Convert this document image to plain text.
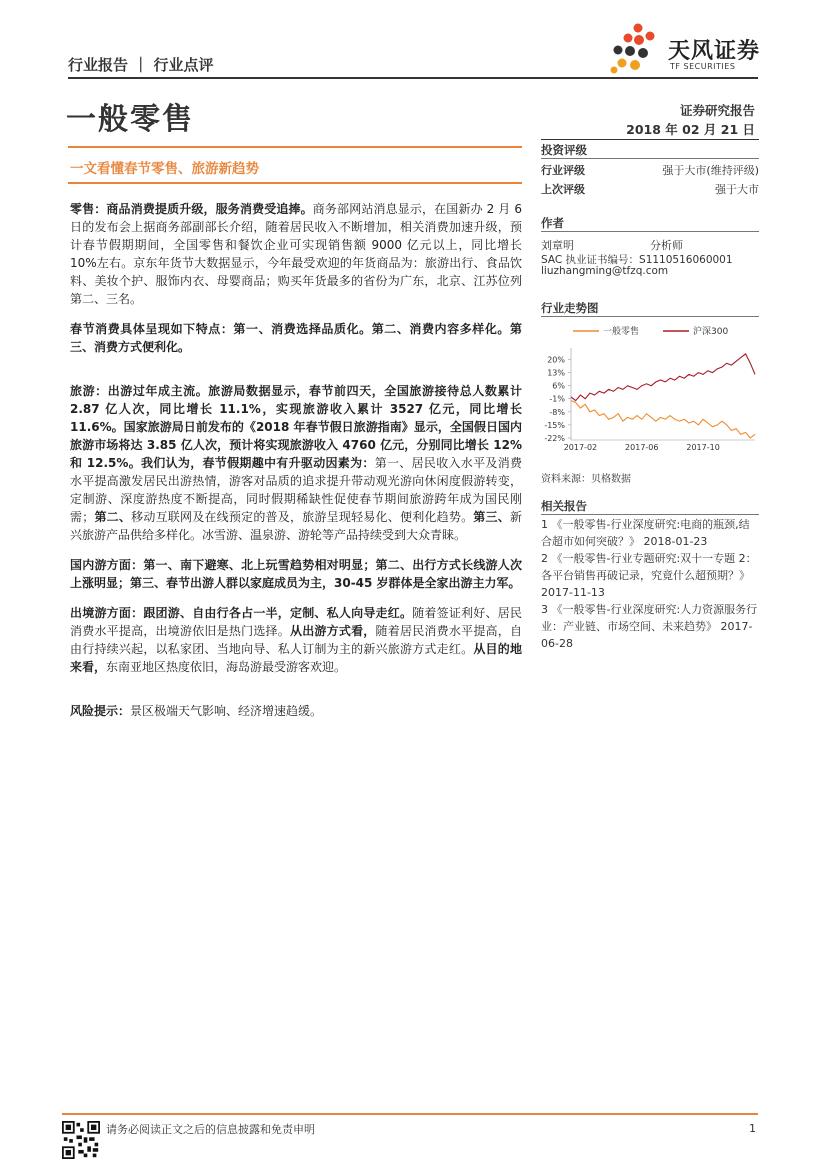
天风证券
TF SECURITIES
行业报告 ｜ 行业点评
一般零售	证券研究报告
2018 年 02 月 21 日
一文看懂春节零售、旅游新趋势

零售：商品消费提质升级，服务消费受追捧。商务部网站消息显示，在国新办 2 月 6 日的发布会上据商务部副部长介绍，随着居民收入不断增加，相关消费加速升级，预计春节假期期间，全国零售和餐饮企业可实现销售额 9000 亿元以上，同比增长 10%左右。京东年货节大数据显示，今年最受欢迎的年货商品为：旅游出行、食品饮料、美妆个护、服饰内衣、母婴商品；购买年货最多的省份为广东，北京、江苏位列第二、三名。

春节消费具体呈现如下特点：第一、消费选择品质化。第二、消费内容多样化。第三、消费方式便利化。

旅游：出游过年成主流。旅游局数据显示，春节前四天，全国旅游接待总人数累计 2.87 亿人次，同比增长 11.1%，实现旅游收入累计 3527 亿元，同比增长 11.6%。国家旅游局日前发布的《2018 年春节假日旅游指南》显示，全国假日国内旅游市场将达 3.85 亿人次，预计将实现旅游收入 4760 亿元，分别同比增长 12%和 12.5%。我们认为，春节假期趣中有升驱动因素为：第一、居民收入水平及消费水平提高激发居民出游热情，游客对品质的追求提升带动观光游向休闲度假游转变，定制游、深度游热度不断提高，同时假期稀缺性促使春节期间旅游跨年成为国民刚需；第二、移动互联网及在线预定的普及，旅游呈现轻易化、便利化趋势。第三、新兴旅游产品供给多样化。冰雪游、温泉游、游轮等产品持续受到大众青睐。

国内游方面：第一、南下避寒、北上玩雪趋势相对明显；第二、出行方式长线游人次上涨明显；第三、春节出游人群以家庭成员为主，30-45 岁群体是全家出游主力军。

出境游方面：跟团游、自由行各占一半，定制、私人向导走红。随着签证利好、居民消费水平提高，出境游依旧是热门选择。从出游方式看，随着居民消费水平提高，自由行持续兴起，以私家团、当地向导、私人订制为主的新兴旅游方式走红。从目的地来看，东南亚地区热度依旧，海岛游最受游客欢迎。

风险提示：景区极端天气影响、经济增速趋缓。

投资评级
行业评级	强于大市(维持评级)
上次评级	强于大市
作者
刘章明	分析师
SAC 执业证书编号：S1110516060001
liuzhangming@tfzq.com
行业走势图
一般零售	沪深300
20%
13%
6%
-1%
-8%
-15%
-22%
2017-02	2017-06	2017-10
资料来源：贝格数据
相关报告

1 《一般零售-行业深度研究:电商的瓶颈,结合超市如何突破？》 2018-01-23

2 《一般零售-行业专题研究:双十一专题 2：各平台销售再破记录，究竟什么超预期？》 2017-11-13

3 《一般零售-行业深度研究:人力资源服务行业：产业链、市场空间、未来趋势》 2017-06-28

请务必阅读正文之后的信息披露和免责申明	1
